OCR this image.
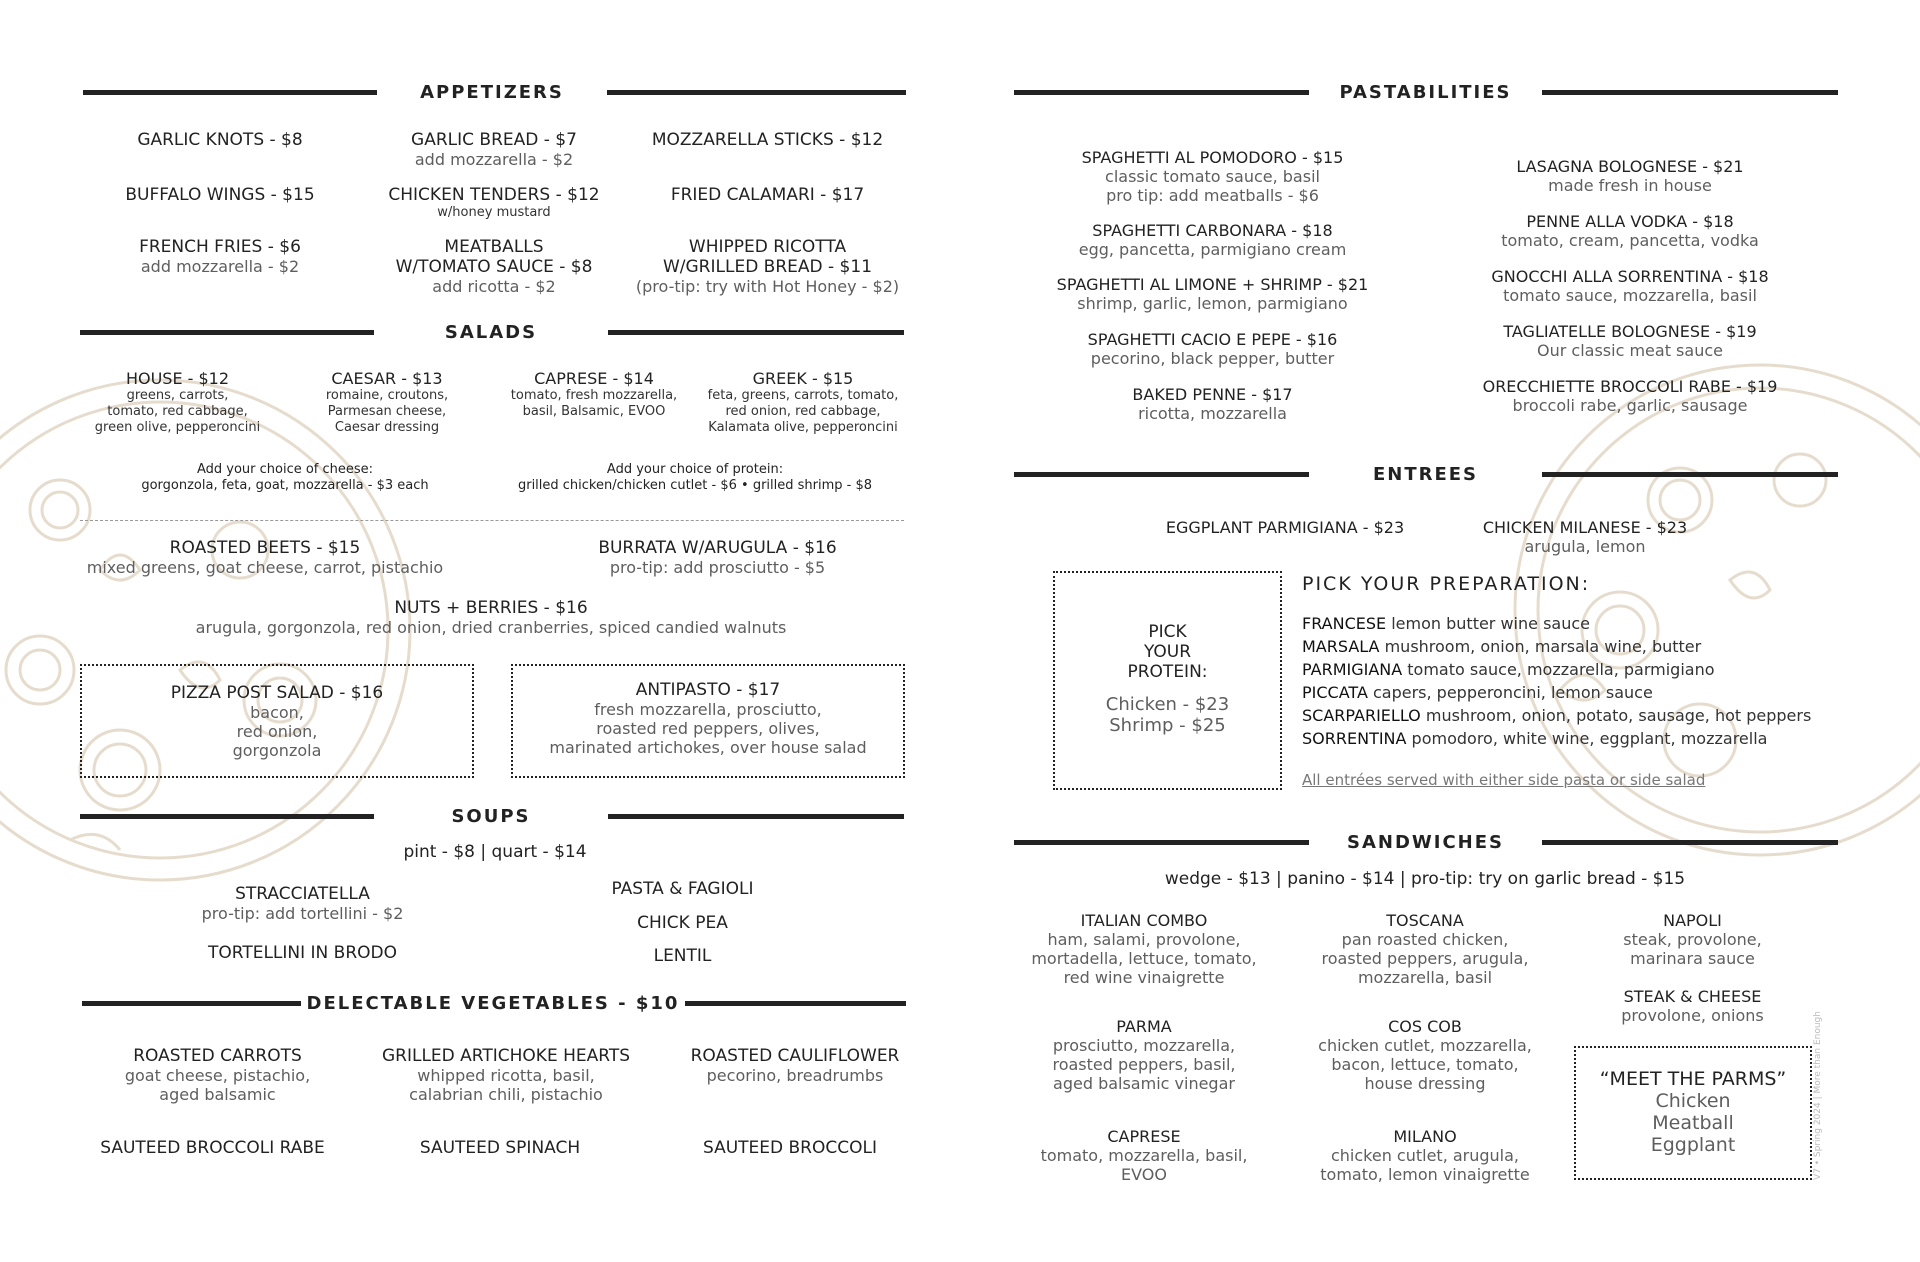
APPETIZERS
GARLIC KNOTS - $8	GARLIC BREAD - $7
add mozzarella - $2
MOZZARELLA STICKS - $12
BUFFALO WINGS - $15	CHICKEN TENDERS - $12
w/honey mustard
FRIED CALAMARI - $17
FRENCH FRIES - $6
add mozzarella - $2
MEATBALLS
W/TOMATO SAUCE - $8
add ricotta - $2
WHIPPED RICOTTA
W/GRILLED BREAD - $11
(pro-tip: try with Hot Honey - $2)
SALADS
HOUSE - $12
greens, carrots,
tomato, red cabbage,
green olive, pepperoncini
CAESAR - $13
romaine, croutons,
Parmesan cheese,
Caesar dressing
CAPRESE - $14
tomato, fresh mozzarella,
basil, Balsamic, EVOO
GREEK - $15
feta, greens, carrots, tomato,
red onion, red cabbage,
Kalamata olive, pepperoncini
Add your choice of cheese:
gorgonzola, feta, goat, mozzarella - $3 each
Add your choice of protein:
grilled chicken/chicken cutlet - $6 • grilled shrimp - $8
ROASTED BEETS - $15
mixed greens, goat cheese, carrot, pistachio
BURRATA W/ARUGULA - $16
pro-tip: add prosciutto - $5
NUTS + BERRIES - $16
arugula, gorgonzola, red onion, dried cranberries, spiced candied walnuts
PIZZA POST SALAD - $16
bacon,
red onion,
gorgonzola
ANTIPASTO - $17
fresh mozzarella, prosciutto,
roasted red peppers, olives,
marinated artichokes, over house salad
SOUPS
pint - $8 | quart - $14
STRACCIATELLA
pro-tip: add tortellini - $2
TORTELLINI IN BRODO
PASTA & FAGIOLI
CHICK PEA
LENTIL
DELECTABLE VEGETABLES - $10
ROASTED CARROTS
goat cheese, pistachio,
aged balsamic
GRILLED ARTICHOKE HEARTS
whipped ricotta, basil,
calabrian chili, pistachio
ROASTED CAULIFLOWER
pecorino, breadrumbs
SAUTEED BROCCOLI RABE	SAUTEED SPINACH	SAUTEED BROCCOLI
PASTABILITIES
SPAGHETTI AL POMODORO - $15
classic tomato sauce, basil
pro tip: add meatballs - $6
SPAGHETTI CARBONARA - $18
egg, pancetta, parmigiano cream
SPAGHETTI AL LIMONE + SHRIMP - $21
shrimp, garlic, lemon, parmigiano
SPAGHETTI CACIO E PEPE - $16
pecorino, black pepper, butter
BAKED PENNE - $17
ricotta, mozzarella
LASAGNA BOLOGNESE - $21
made fresh in house
PENNE ALLA VODKA - $18
tomato, cream, pancetta, vodka
GNOCCHI ALLA SORRENTINA - $18
tomato sauce, mozzarella, basil
TAGLIATELLE BOLOGNESE - $19
Our classic meat sauce
ORECCHIETTE BROCCOLI RABE - $19
broccoli rabe, garlic, sausage
ENTREES
EGGPLANT PARMIGIANA - $23	CHICKEN MILANESE - $23
arugula, lemon
PICK
YOUR
PROTEIN:
Chicken - $23
Shrimp - $25
PICK YOUR PREPARATION:
FRANCESE lemon butter wine sauce
MARSALA mushroom, onion, marsala wine, butter
PARMIGIANA tomato sauce, mozzarella, parmigiano
PICCATA capers, pepperoncini, lemon sauce
SCARPARIELLO mushroom, onion, potato, sausage, hot peppers
SORRENTINA pomodoro, white wine, eggplant, mozzarella
All entrées served with either side pasta or side salad
SANDWICHES
wedge - $13 | panino - $14 | pro-tip: try on garlic bread - $15
ITALIAN COMBO
ham, salami, provolone,
mortadella, lettuce, tomato,
red wine vinaigrette
TOSCANA
pan roasted chicken,
roasted peppers, arugula,
mozzarella, basil
NAPOLI
steak, provolone,
marinara sauce
STEAK & CHEESE
provolone, onions
PARMA
prosciutto, mozzarella,
roasted peppers, basil,
aged balsamic vinegar
COS COB
chicken cutlet, mozzarella,
bacon, lettuce, tomato,
house dressing
CAPRESE
tomato, mozzarella, basil,
EVOO
MILANO
chicken cutlet, arugula,
tomato, lemon vinaigrette
“MEET THE PARMS”
Chicken
Meatball
Eggplant	V7 • Spring 2024 | More than Enough
